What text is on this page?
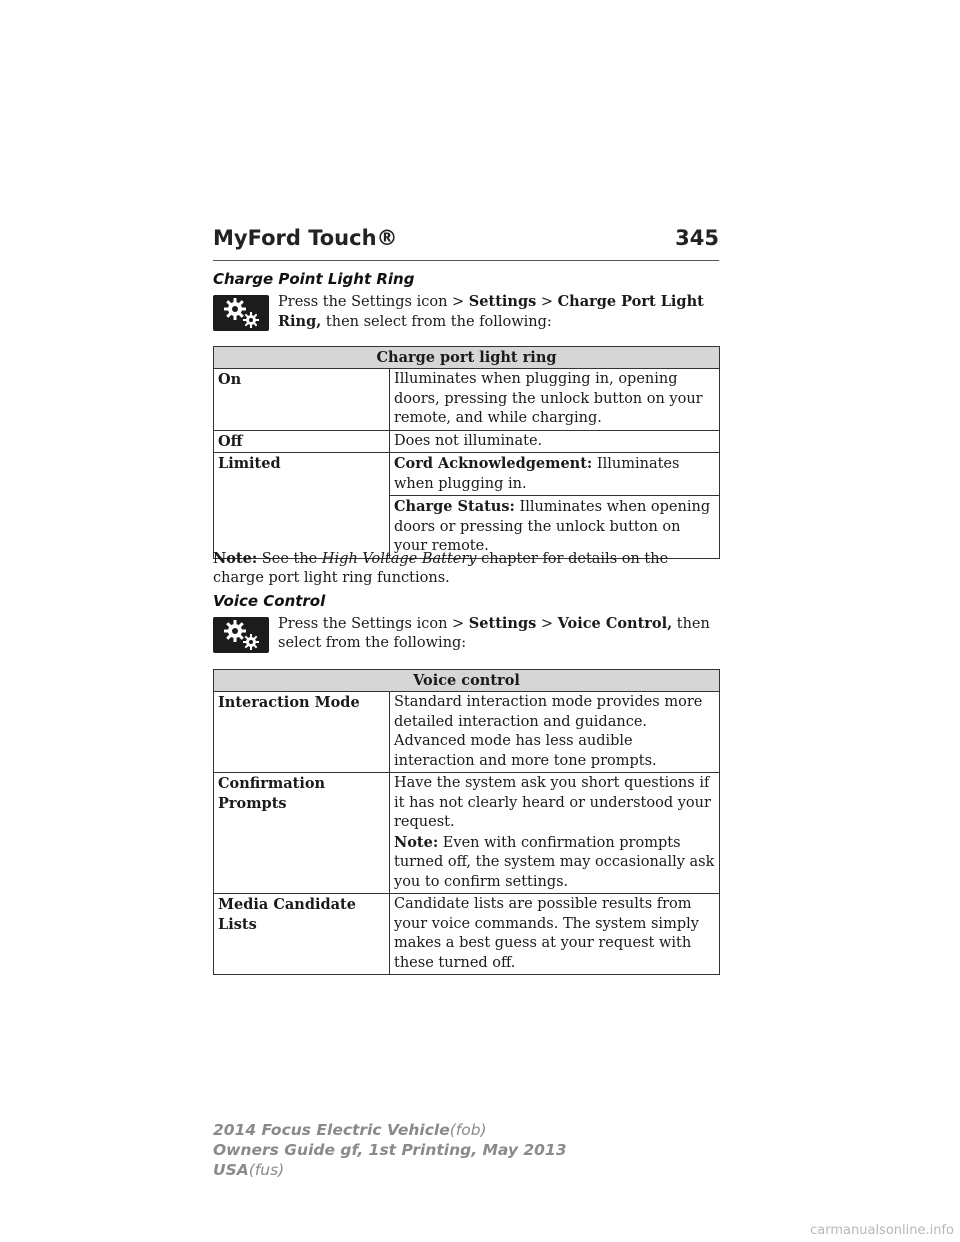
MyFord Touch®	345
Charge Point Light Ring
Press the Settings icon > Settings > Charge Port Light Ring, then select from the following:
Charge port light ring	
On	Illuminates when plugging in, opening doors, pressing the unlock button on your remote, and while charging.
Off	Does not illuminate.
Limited	Cord Acknowledgement: Illuminates when plugging in.
	Charge Status: Illuminates when opening doors or pressing the unlock button on your remote.
Note: See the High Voltage Battery chapter for details on the charge port light ring functions.
Voice Control
Press the Settings icon > Settings > Voice Control, then select from the following:
Voice control	
Interaction Mode	Standard interaction mode provides more detailed interaction and guidance. Advanced mode has less audible interaction and more tone prompts.
Confirmation Prompts	Have the system ask you short questions if it has not clearly heard or understood your request.
Note: Even with confirmation prompts turned off, the system may occasionally ask you to confirm settings.

Media Candidate Lists	Candidate lists are possible results from your voice commands. The system simply makes a best guess at your request with these turned off.
2014 Focus Electric Vehicle(fob)
Owners Guide gf, 1st Printing, May 2013
USA(fus)
carmanualsonline.info
